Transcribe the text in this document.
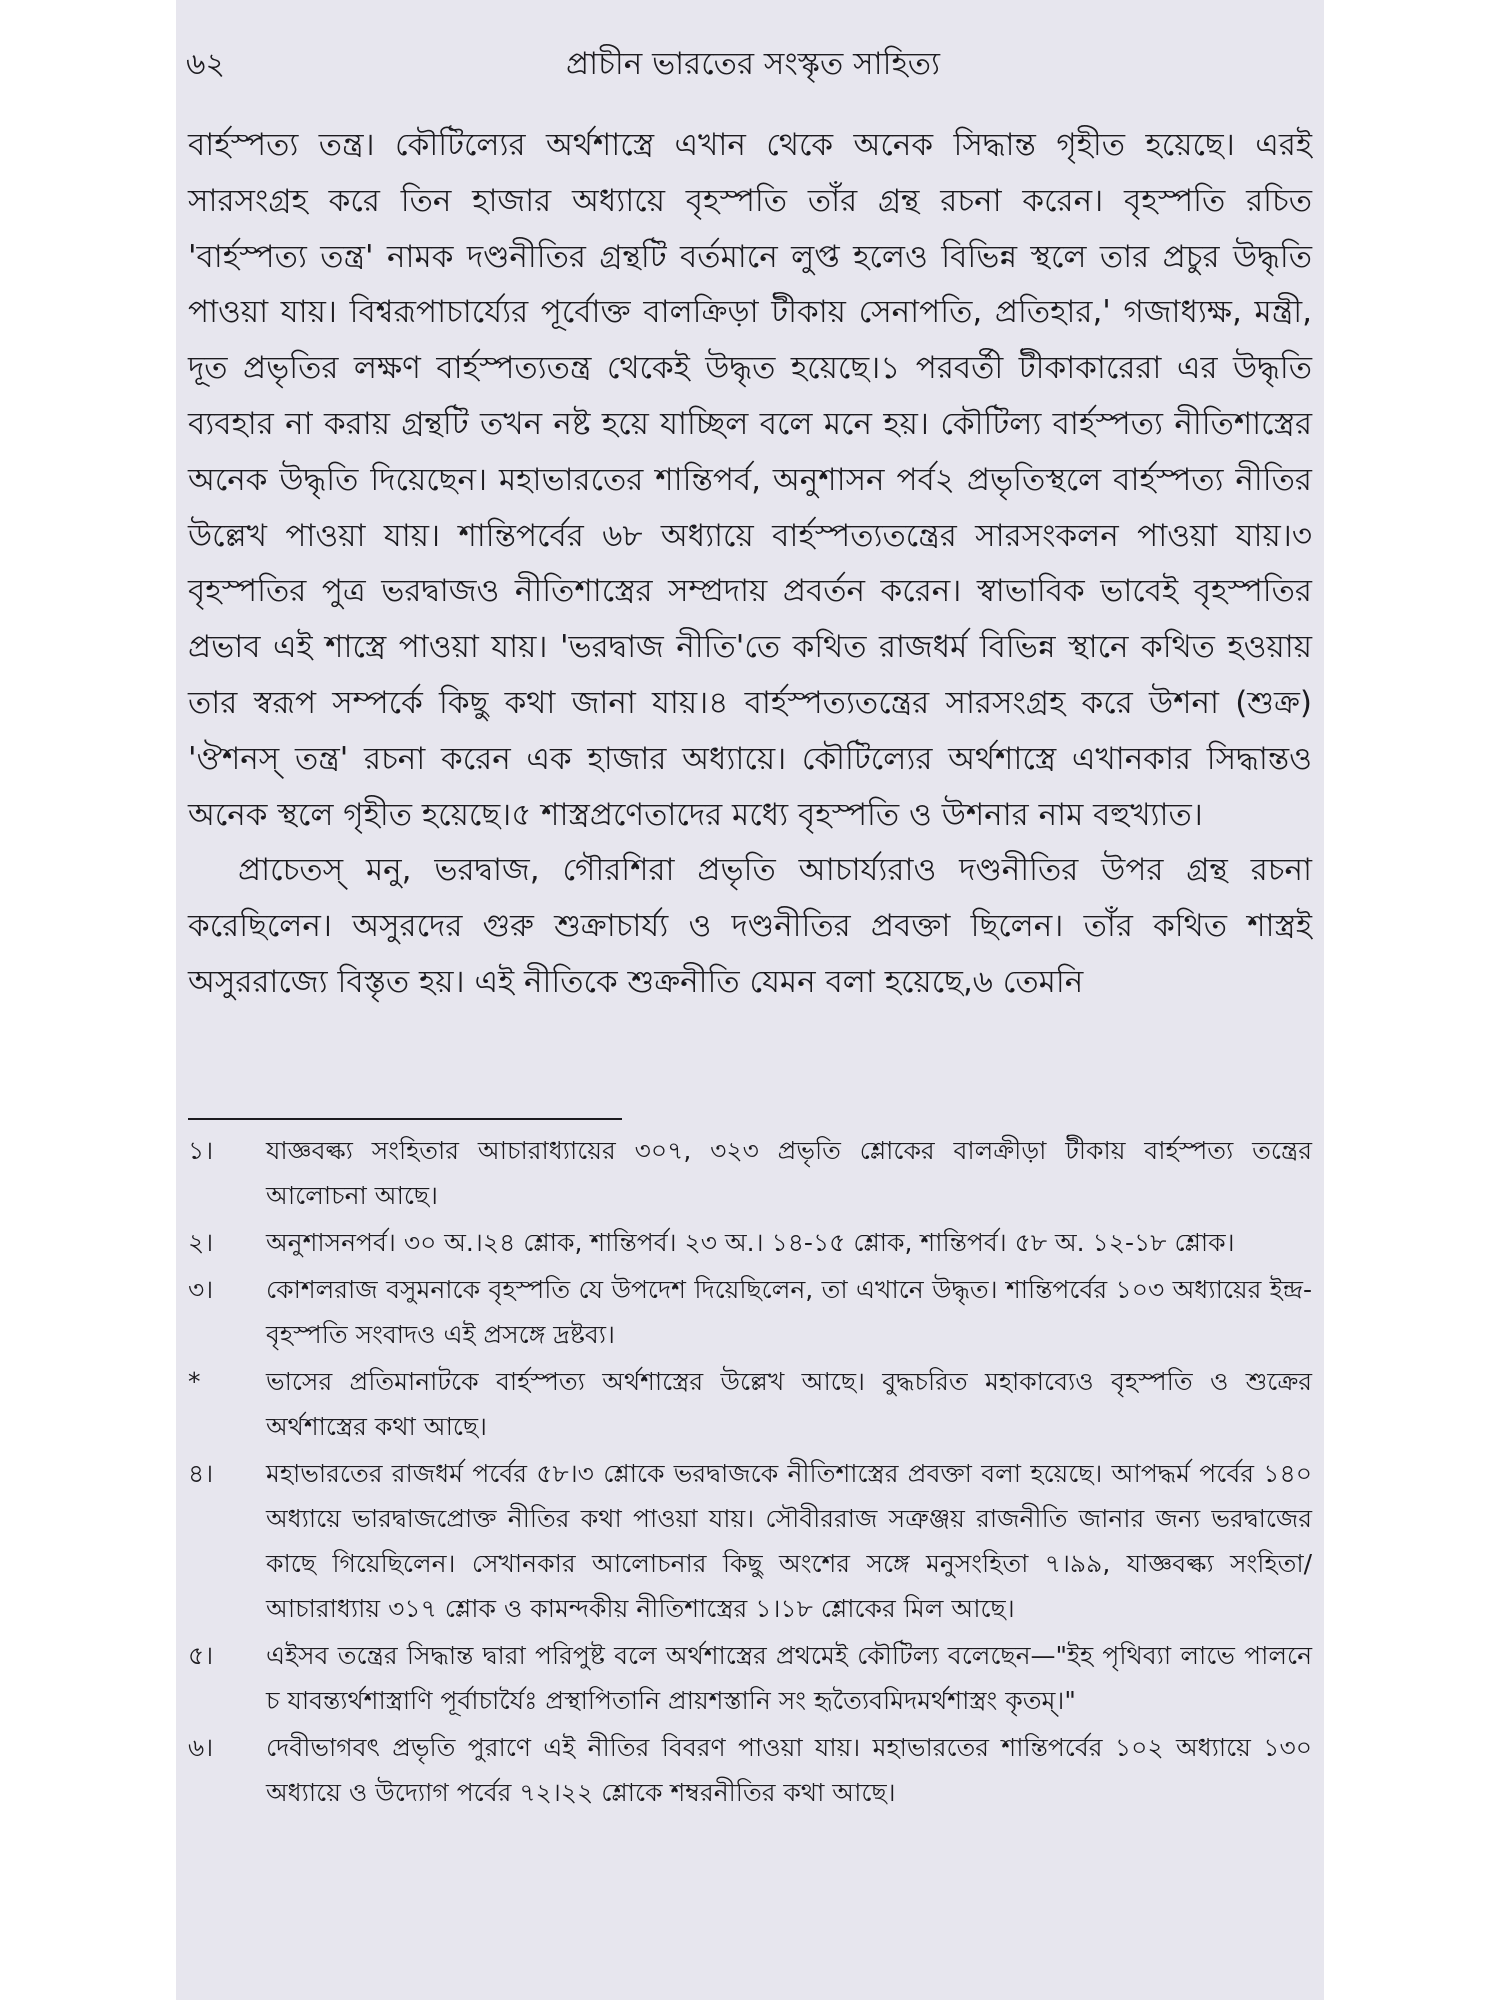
৬২	প্রাচীন ভারতের সংস্কৃত সাহিত্য

বার্হস্পত্য তন্ত্র। কৌটিল্যের অর্থশাস্ত্রে এখান থেকে অনেক সিদ্ধান্ত গৃহীত হয়েছে। এরই সারসংগ্রহ করে তিন হাজার অধ্যায়ে বৃহস্পতি তাঁর গ্রন্থ রচনা করেন। বৃহস্পতি রচিত 'বার্হস্পত্য তন্ত্র' নামক দণ্ডনীতির গ্রন্থটি বর্তমানে লুপ্ত হলেও বিভিন্ন স্থলে তার প্রচুর উদ্ধৃতি পাওয়া যায়। বিশ্বরূপাচার্য্যের পূর্বোক্ত বালক্রিড়া টীকায় সেনাপতি, প্রতিহার,' গজাধ্যক্ষ, মন্ত্রী, দূত প্রভৃতির লক্ষণ বার্হস্পত্যতন্ত্র থেকেই উদ্ধৃত হয়েছে।১ পরবর্তী টীকাকারেরা এর উদ্ধৃতি ব্যবহার না করায় গ্রন্থটি তখন নষ্ট হয়ে যাচ্ছিল বলে মনে হয়। কৌটিল্য বার্হস্পত্য নীতিশাস্ত্রের অনেক উদ্ধৃতি দিয়েছেন। মহাভারতের শান্তিপর্ব, অনুশাসন পর্ব২ প্রভৃতিস্থলে বার্হস্পত্য নীতির উল্লেখ পাওয়া যায়। শান্তিপর্বের ৬৮ অধ্যায়ে বার্হস্পত্যতন্ত্রের সারসংকলন পাওয়া যায়।৩ বৃহস্পতির পুত্র ভরদ্বাজও নীতিশাস্ত্রের সম্প্রদায় প্রবর্তন করেন। স্বাভাবিক ভাবেই বৃহস্পতির প্রভাব এই শাস্ত্রে পাওয়া যায়। 'ভরদ্বাজ নীতি'তে কথিত রাজধর্ম বিভিন্ন স্থানে কথিত হওয়ায় তার স্বরূপ সম্পর্কে কিছু কথা জানা যায়।৪ বার্হস্পত্যতন্ত্রের সারসংগ্রহ করে উশনা (শুক্র) 'ঔশনস্ তন্ত্র' রচনা করেন এক হাজার অধ্যায়ে। কৌটিল্যের অর্থশাস্ত্রে এখানকার সিদ্ধান্তও অনেক স্থলে গৃহীত হয়েছে।৫ শাস্ত্রপ্রণেতাদের মধ্যে বৃহস্পতি ও উশনার নাম বহুখ্যাত।

প্রাচেতস্ মনু, ভরদ্বাজ, গৌরশিরা প্রভৃতি আচার্য্যরাও দণ্ডনীতির উপর গ্রন্থ রচনা করেছিলেন। অসুরদের গুরু শুক্রাচার্য্য ও দণ্ডনীতির প্রবক্তা ছিলেন। তাঁর কথিত শাস্ত্রই অসুররাজ্যে বিস্তৃত হয়। এই নীতিকে শুক্রনীতি যেমন বলা হয়েছে,৬ তেমনি

১।	যাজ্ঞবল্ক্য সংহিতার আচারাধ্যায়ের ৩০৭, ৩২৩ প্রভৃতি শ্লোকের বালক্রীড়া টীকায় বার্হস্পত্য তন্ত্রের আলোচনা আছে।
২।	অনুশাসনপর্ব। ৩০ অ.।২৪ শ্লোক, শান্তিপর্ব। ২৩ অ.। ১৪-১৫ শ্লোক, শান্তিপর্ব। ৫৮ অ. ১২-১৮ শ্লোক।
৩।	কোশলরাজ বসুমনাকে বৃহস্পতি যে উপদেশ দিয়েছিলেন, তা এখানে উদ্ধৃত। শান্তিপর্বের ১০৩ অধ্যায়ের ইন্দ্র-বৃহস্পতি সংবাদও এই প্রসঙ্গে দ্রষ্টব্য।
*	ভাসের প্রতিমানাটকে বার্হস্পত্য অর্থশাস্ত্রের উল্লেখ আছে। বুদ্ধচরিত মহাকাব্যেও বৃহস্পতি ও শুক্রের অর্থশাস্ত্রের কথা আছে।
৪।	মহাভারতের রাজধর্ম পর্বের ৫৮।৩ শ্লোকে ভরদ্বাজকে নীতিশাস্ত্রের প্রবক্তা বলা হয়েছে। আপদ্ধর্ম পর্বের ১৪০ অধ্যায়ে ভারদ্বাজপ্রোক্ত নীতির কথা পাওয়া যায়। সৌবীররাজ সত্রুঞ্জয় রাজনীতি জানার জন্য ভরদ্বাজের কাছে গিয়েছিলেন। সেখানকার আলোচনার কিছু অংশের সঙ্গে মনুসংহিতা ৭।৯৯, যাজ্ঞবল্ক্য সংহিতা/আচারাধ্যায় ৩১৭ শ্লোক ও কামন্দকীয় নীতিশাস্ত্রের ১।১৮ শ্লোকের মিল আছে।
৫।	এইসব তন্ত্রের সিদ্ধান্ত দ্বারা পরিপুষ্ট বলে অর্থশাস্ত্রের প্রথমেই কৌটিল্য বলেছেন—"ইহ পৃথিব্যা লাভে পালনে চ যাবন্ত্যর্থশাস্ত্রাণি পূর্বাচার্যৈঃ প্রস্থাপিতানি প্রায়শস্তানি সং হৃত্যৈবমিদমর্থশাস্ত্রং কৃতম্।"
৬।	দেবীভাগবৎ প্রভৃতি পুরাণে এই নীতির বিবরণ পাওয়া যায়। মহাভারতের শান্তিপর্বের ১০২ অধ্যায়ে ১৩০ অধ্যায়ে ও উদ্যোগ পর্বের ৭২।২২ শ্লোকে শম্বরনীতির কথা আছে।
